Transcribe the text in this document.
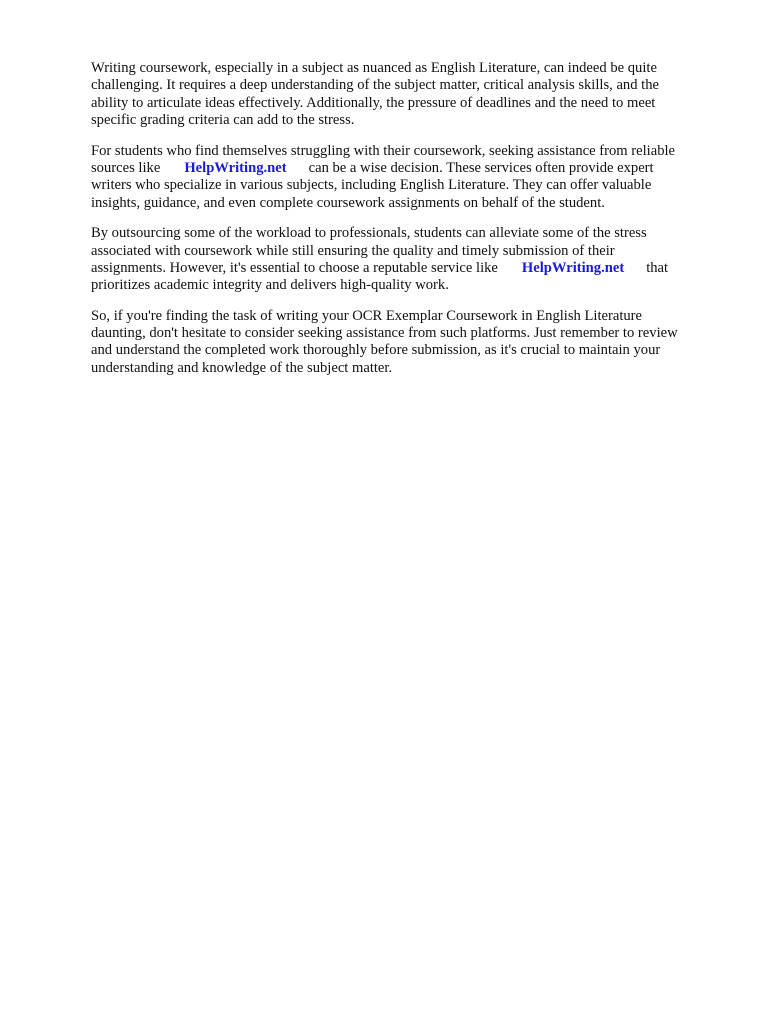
Writing coursework, especially in a subject as nuanced as English Literature, can indeed be quite
challenging. It requires a deep understanding of the subject matter, critical analysis skills, and the
ability to articulate ideas effectively. Additionally, the pressure of deadlines and the need to meet
specific grading criteria can add to the stress.
For students who find themselves struggling with their coursework, seeking assistance from reliable
sources like HelpWriting.net can be a wise decision. These services often provide expert
writers who specialize in various subjects, including English Literature. They can offer valuable
insights, guidance, and even complete coursework assignments on behalf of the student.
By outsourcing some of the workload to professionals, students can alleviate some of the stress
associated with coursework while still ensuring the quality and timely submission of their
assignments. However, it's essential to choose a reputable service like HelpWriting.net that
prioritizes academic integrity and delivers high-quality work.
So, if you're finding the task of writing your OCR Exemplar Coursework in English Literature
daunting, don't hesitate to consider seeking assistance from such platforms. Just remember to review
and understand the completed work thoroughly before submission, as it's crucial to maintain your
understanding and knowledge of the subject matter.
